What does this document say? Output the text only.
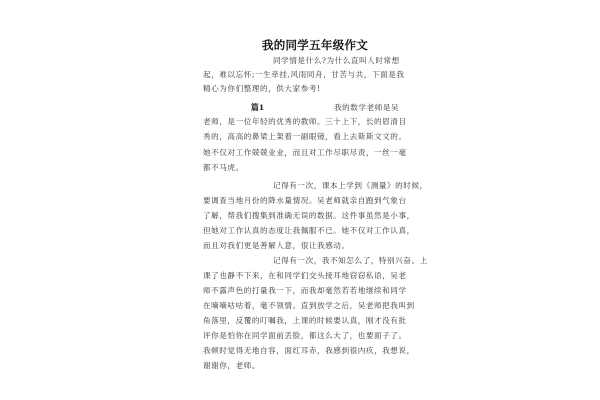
我的同学五年级作文
同学情是什么?为什么直叫人时常想
起，难以忘怀;一生牵挂,风雨同舟，甘苦与共，下面是我
精心为你们整理的，供大家参考!
篇1	我的数学老师是吴
老师，是一位年轻的优秀的教师。三十上下，长的眉清目
秀的，高高的鼻梁上架着一副眼镜，看上去斯斯文文的。
她不仅对工作兢兢业业，而且对工作尽职尽责，一丝一毫
都不马虎。
记得有一次，课本上学到《测量》的时候，
要调查当地月份的降水量情况。吴老师就亲自跑到气象台
了解，帮我们搜集到准确无误的数据。这件事虽然是小事，
但她对工作认真的态度让我佩服不已。她不仅对工作认真，
而且对我们更是善解人意，很让我感动。
记得有一次，我不知怎么了，特别兴奋。上
课了也静不下来，在和同学们交头接耳地窃窃私语，吴老
师不露声色的打量我一下，而我却毫然若若地继续和同学
在嘀嘀咕咕着，毫不领情。直到放学之后，吴老师把我叫到
角落里，反覆的叮嘱我，上课的时候要认真，刚才没有批
评你是怕你在同学面前丢脸，都这么大了，也要面子了。
我顿时觉得无地自容，面红耳赤，我感到很内疚，我想说，
谢谢你，老师。
